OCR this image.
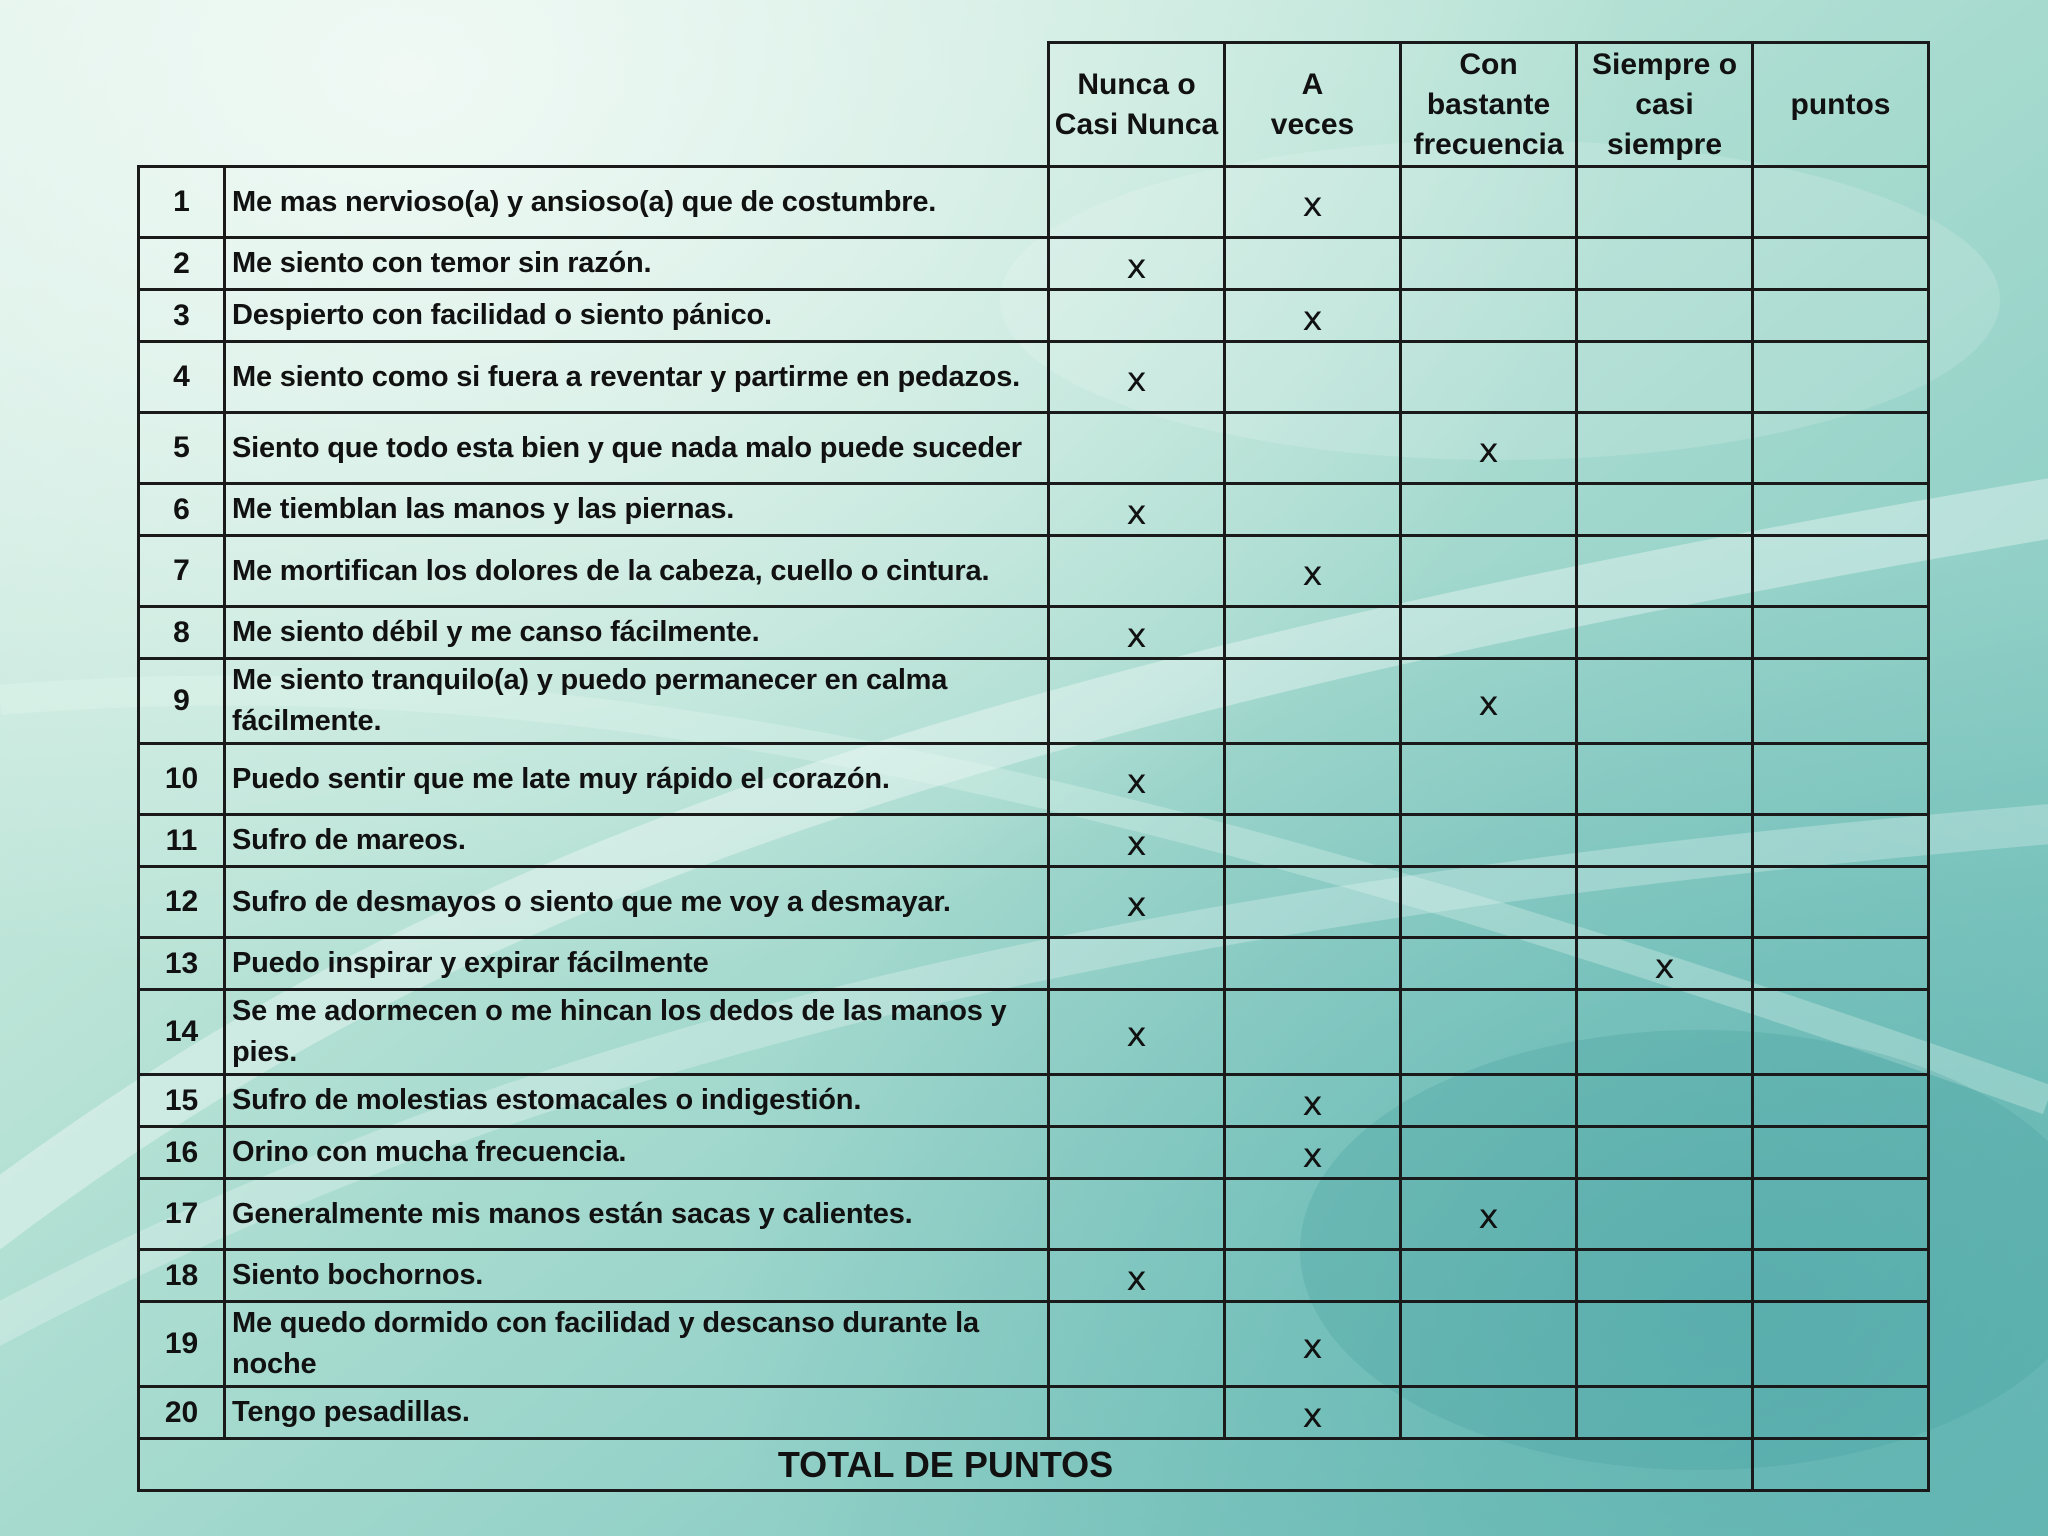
		Nunca o
Casi Nunca	A
veces	Con
bastante
frecuencia	Siempre o
casi
siempre	puntos
1	Me mas nervioso(a) y ansioso(a) que de costumbre.		x			
2	Me siento con temor sin razón.	x				
3	Despierto con facilidad o siento pánico.		x			
4	Me siento como si fuera a reventar y partirme en pedazos.	x				
5	Siento que todo esta bien y que nada malo puede suceder			x		
6	Me tiemblan las manos y las piernas.	x				
7	Me mortifican los dolores de la cabeza, cuello o cintura.		x			
8	Me siento débil y me canso fácilmente.	x				
9	Me siento tranquilo(a) y puedo permanecer en calma fácilmente.			x		
10	Puedo sentir que me late muy rápido el corazón.	x				
11	Sufro de mareos.	x				
12	Sufro de desmayos o siento que me voy a desmayar.	x				
13	Puedo inspirar y expirar fácilmente				x	
14	Se me adormecen o me hincan los dedos de las manos y pies.	x				
15	Sufro de molestias estomacales o indigestión.		x			
16	Orino con mucha frecuencia.		x			
17	Generalmente mis manos están sacas y calientes.			x		
18	Siento bochornos.	x				
19	Me quedo dormido con facilidad y descanso durante la noche		x			
20	Tengo pesadillas.		x			
TOTAL DE PUNTOS						
